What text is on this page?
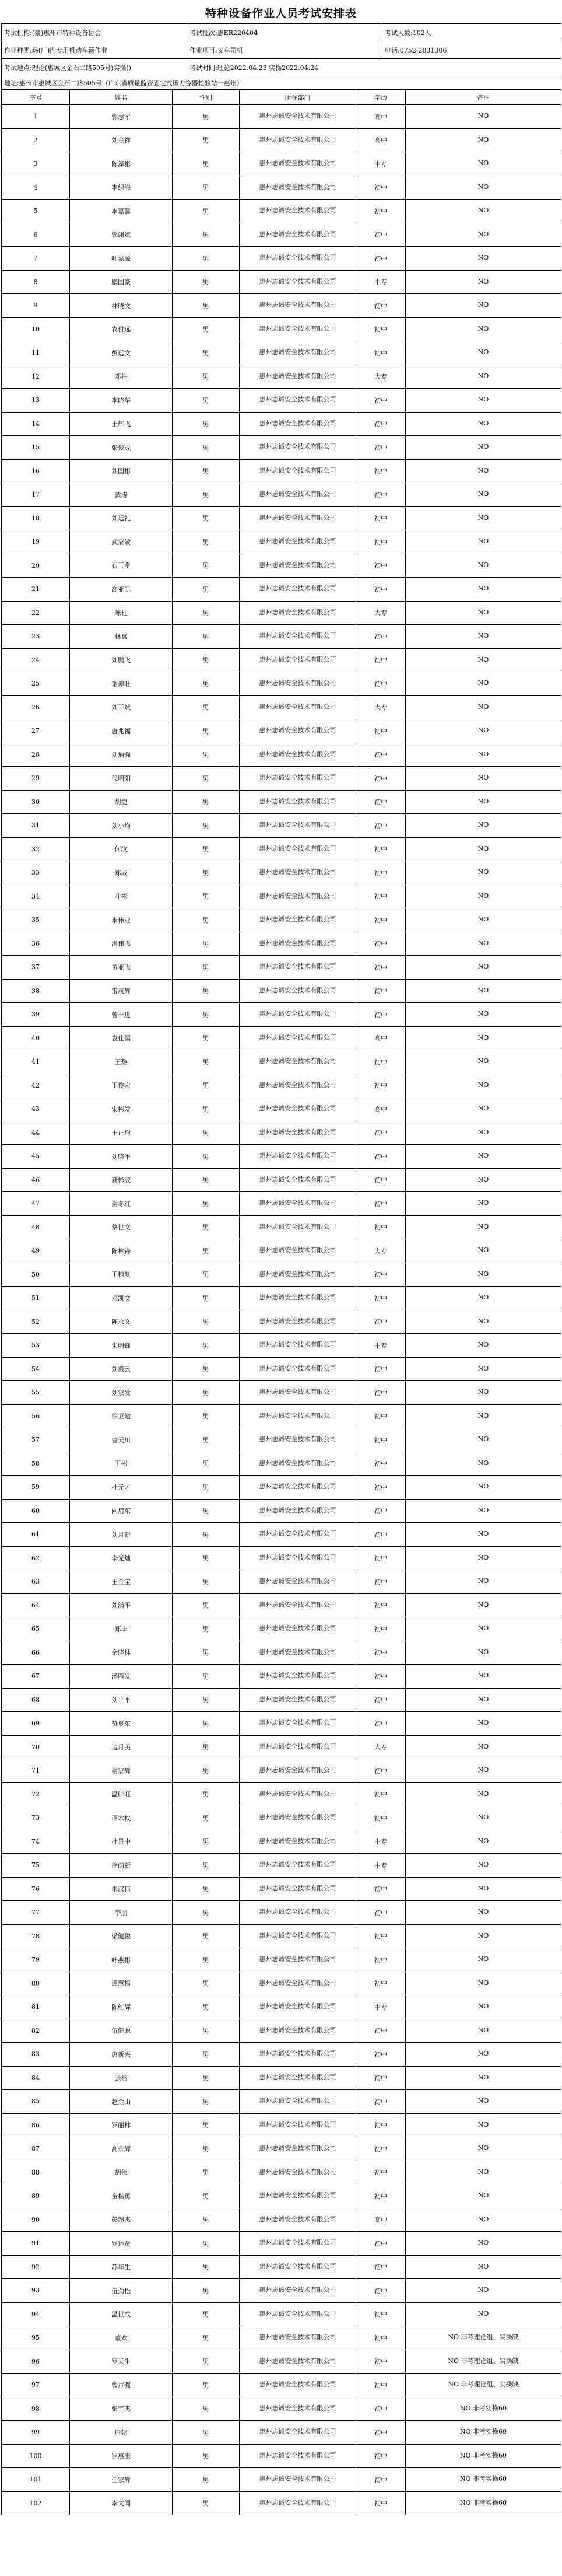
特种设备作业人员考试安排表
考试机构:(豪)惠州市特种设备协会	考试批次:惠ER220404	考试人数:102人
作业种类:场(厂)内专用机动车辆作业	作业项目:叉车司机	电话:0752-2831306
考试地点:理论(惠城区金石二路505号)实操()	考试时间:理论2022.04.23 实操2022.04.24	
地址:惠州市惠城区金石二路505号（广东省质量监督固定式压力容器检验站一惠州）		
序号	姓名	性别	所在部门	学历	备注
1	郭志军	男	惠州志诚安全技术有限公司	高中	NO
2	刘金祥	男	惠州志诚安全技术有限公司	高中	NO
3	陈泽彬	男	惠州志诚安全技术有限公司	中专	NO
4	李织海	男	惠州志诚安全技术有限公司	初中	NO
5	李嘉馨	男	惠州志诚安全技术有限公司	初中	NO
6	郭翊斌	男	惠州志诚安全技术有限公司	初中	NO
7	叶嘉源	男	惠州志诚安全技术有限公司	初中	NO
8	鹏国豪	男	惠州志诚安全技术有限公司	中专	NO
9	林晓文	男	惠州志诚安全技术有限公司	初中	NO
10	农付远	男	惠州志诚安全技术有限公司	初中	NO
11	彭远文	男	惠州志诚安全技术有限公司	初中	NO
12	邓柱	男	惠州志诚安全技术有限公司	大专	NO
13	李晓华	男	惠州志诚安全技术有限公司	初中	NO
14	王辉飞	男	惠州志诚安全技术有限公司	初中	NO
15	张俊成	男	惠州志诚安全技术有限公司	初中	NO
16	刘国彬	男	惠州志诚安全技术有限公司	初中	NO
17	黄涛	男	惠州志诚安全技术有限公司	初中	NO
18	刘远礼	男	惠州志诚安全技术有限公司	初中	NO
19	武家敏	男	惠州志诚安全技术有限公司	初中	NO
20	石玉堂	男	惠州志诚安全技术有限公司	初中	NO
21	高亚凯	男	惠州志诚安全技术有限公司	初中	NO
22	陈柱	男	惠州志诚安全技术有限公司	大专	NO
23	林寓	男	惠州志诚安全技术有限公司	初中	NO
24	刘鹏飞	男	惠州志诚安全技术有限公司	初中	NO
25	韬谭旺	男	惠州志诚安全技术有限公司	初中	NO
26	刘干斌	男	惠州志诚安全技术有限公司	大专	NO
27	唐兆福	男	惠州志诚安全技术有限公司	初中	NO
28	刘炳强	男	惠州志诚安全技术有限公司	初中	NO
29	代明阳	男	惠州志诚安全技术有限公司	初中	NO
30	胡捷	男	惠州志诚安全技术有限公司	初中	NO
31	刘小均	男	惠州志诚安全技术有限公司	初中	NO
32	何汶	男	惠州志诚安全技术有限公司	初中	NO
33	郑威	男	惠州志诚安全技术有限公司	初中	NO
34	叶彬	男	惠州志诚安全技术有限公司	初中	NO
35	李伟业	男	惠州志诚安全技术有限公司	初中	NO
36	洪伟飞	男	惠州志诚安全技术有限公司	初中	NO
37	黄亚飞	男	惠州志诚安全技术有限公司	初中	NO
38	雷茂辉	男	惠州志诚安全技术有限公司	初中	NO
39	曾干进	男	惠州志诚安全技术有限公司	初中	NO
40	袁仕儒	男	惠州志诚安全技术有限公司	高中	NO
41	王黎	男	惠州志诚安全技术有限公司	初中	NO
42	王俊宏	男	惠州志诚安全技术有限公司	初中	NO
43	宋彬发	男	惠州志诚安全技术有限公司	高中	NO
44	王正均	男	惠州志诚安全技术有限公司	初中	NO
45	刘晓平	男	惠州志诚安全技术有限公司	初中	NO
46	龚彬波	男	惠州志诚安全技术有限公司	初中	NO
47	谢冬红	男	惠州志诚安全技术有限公司	初中	NO
48	蔡世文	男	惠州志诚安全技术有限公司	初中	NO
49	陈林锋	男	惠州志诚安全技术有限公司	大专	NO
50	王精复	男	惠州志诚安全技术有限公司	初中	NO
51	邓凯文	男	惠州志诚安全技术有限公司	初中	NO
52	陈永义	男	惠州志诚安全技术有限公司	初中	NO
53	朱明锋	男	惠州志诚安全技术有限公司	中专	NO
54	刘毅云	男	惠州志诚安全技术有限公司	初中	NO
55	刘家发	男	惠州志诚安全技术有限公司	初中	NO
56	徐卫建	男	惠州志诚安全技术有限公司	初中	NO
57	曹天川	男	惠州志诚安全技术有限公司	初中	NO
58	王彬	男	惠州志诚安全技术有限公司	初中	NO
59	杜元才	男	惠州志诚安全技术有限公司	初中	NO
60	向启东	男	惠州志诚安全技术有限公司	初中	NO
61	刘月新	男	惠州志诚安全技术有限公司	初中	NO
62	李光灿	男	惠州志诚安全技术有限公司	初中	NO
63	王金宝	男	惠州志诚安全技术有限公司	初中	NO
64	刘满平	男	惠州志诚安全技术有限公司	初中	NO
65	郑丰	男	惠州志诚安全技术有限公司	初中	NO
66	余晓林	男	惠州志诚安全技术有限公司	初中	NO
67	潘雁发	男	惠州志诚安全技术有限公司	初中	NO
68	刘平平	男	惠州志诚安全技术有限公司	初中	NO
69	赞夏东	男	惠州志诚安全技术有限公司	初中	NO
70	边月美	男	惠州志诚安全技术有限公司	大专	NO
71	谢家辉	男	惠州志诚安全技术有限公司	初中	NO
72	温胖旺	男	惠州志诚安全技术有限公司	初中	NO
73	谭木权	男	惠州志诚安全技术有限公司	初中	NO
74	杜景中	男	惠州志诚安全技术有限公司	中专	NO
75	徐荫新	男	惠州志诚安全技术有限公司	中专	NO
76	朱汉伟	男	惠州志诚安全技术有限公司	初中	NO
77	李朋	男	惠州志诚安全技术有限公司	初中	NO
78	梁健俊	男	惠州志诚安全技术有限公司	初中	NO
79	叶燕彬	男	惠州志诚安全技术有限公司	初中	NO
80	谭慧杨	男	惠州志诚安全技术有限公司	初中	NO
81	陈红辉	男	惠州志诚安全技术有限公司	中专	NO
82	伍健聪	男	惠州志诚安全技术有限公司	初中	NO
83	唐新兴	男	惠州志诚安全技术有限公司	初中	NO
84	张楠	男	惠州志诚安全技术有限公司	初中	NO
85	赵金山	男	惠州志诚安全技术有限公司	初中	NO
86	罗丽林	男	惠州志诚安全技术有限公司	初中	NO
87	高永辉	男	惠州志诚安全技术有限公司	初中	NO
88	胡伟	男	惠州志诚安全技术有限公司	初中	NO
89	童楷勇	男	惠州志诚安全技术有限公司	初中	NO
90	彭超杰	男	惠州志诚安全技术有限公司	高中	NO
91	罗运贤	男	惠州志诚安全技术有限公司	初中	NO
92	苏年生	男	惠州志诚安全技术有限公司	初中	NO
93	伍劲松	男	惠州志诚安全技术有限公司	初中	NO
94	温世成	男	惠州志诚安全技术有限公司	初中	NO
95	董欢	男	惠州志诚安全技术有限公司	初中	NO 非考理论组、实操缺
96	罗天生	男	惠州志诚安全技术有限公司	初中	NO 非考理论组、实操缺
97	曾声强	男	惠州志诚安全技术有限公司	初中	NO 非考理论组、实操缺
98	张宇杰	男	惠州志诚安全技术有限公司	初中	NO 非考实操60
99	唐朝	男	惠州志诚安全技术有限公司	初中	NO 非考实操60
100	罗惠康	男	惠州志诚安全技术有限公司	初中	NO 非考实操60
101	任家辉	男	惠州志诚安全技术有限公司	初中	NO 非考实操60
102	李文闻	男	惠州志诚安全技术有限公司	初中	NO 非考实操60
